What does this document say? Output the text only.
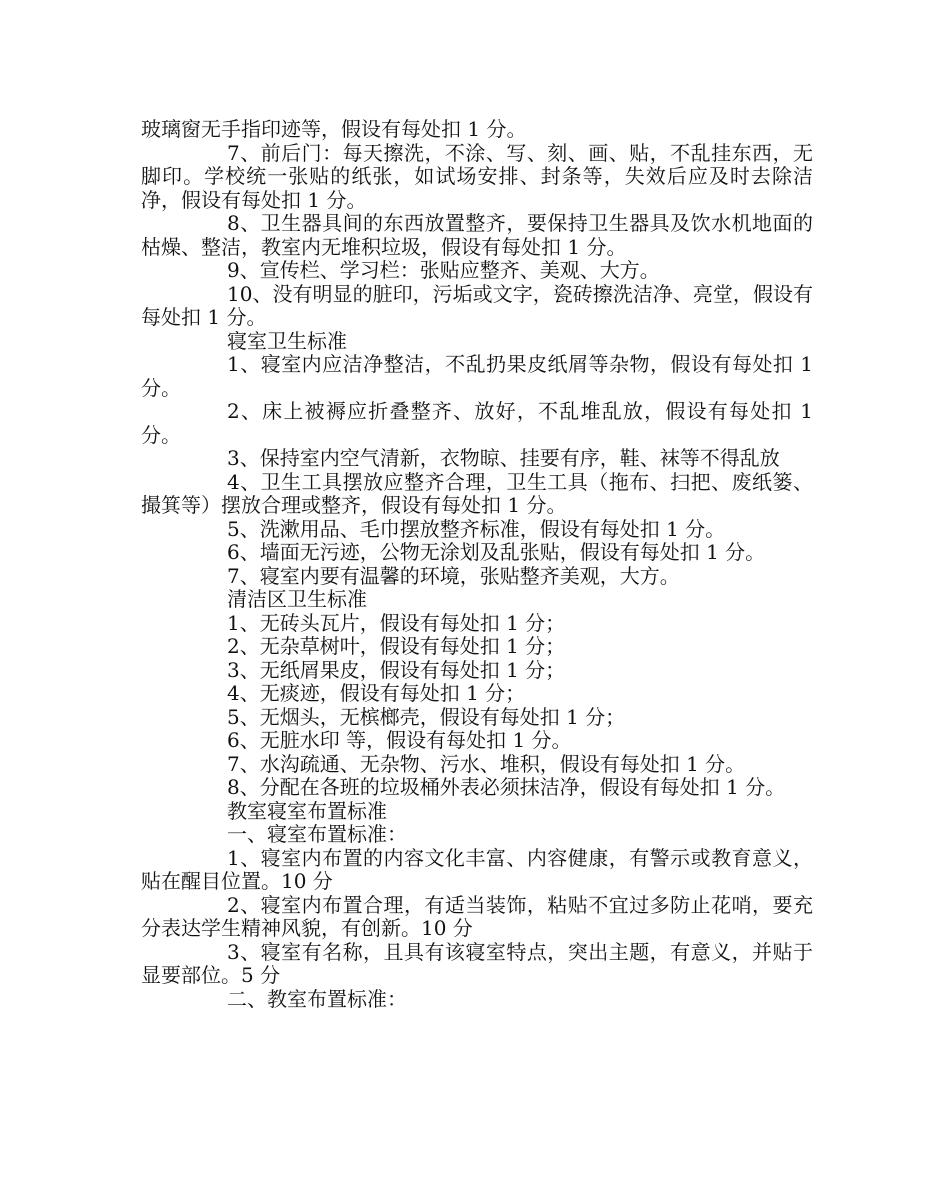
玻璃窗无手指印迹等，假设有每处扣 1 分。

7、前后门：每天擦洗，不涂、写、刻、画、贴，不乱挂东西，无脚印。学校统一张贴的纸张，如试场安排、封条等，失效后应及时去除洁净，假设有每处扣 1 分。

8、卫生器具间的东西放置整齐，要保持卫生器具及饮水机地面的枯燥、整洁，教室内无堆积垃圾，假设有每处扣 1 分。

9、宣传栏、学习栏：张贴应整齐、美观、大方。

10、没有明显的脏印，污垢或文字，瓷砖擦洗洁净、亮堂，假设有每处扣 1 分。

寝室卫生标准

1、寝室内应洁净整洁，不乱扔果皮纸屑等杂物，假设有每处扣 1 分。

2、床上被褥应折叠整齐、放好，不乱堆乱放，假设有每处扣 1 分。

3、保持室内空气清新，衣物晾、挂要有序，鞋、袜等不得乱放

4、卫生工具摆放应整齐合理，卫生工具（拖布、扫把、废纸篓、撮箕等）摆放合理或整齐，假设有每处扣 1 分。

5、洗漱用品、毛巾摆放整齐标准，假设有每处扣 1 分。

6、墙面无污迹，公物无涂划及乱张贴，假设有每处扣 1 分。

7、寝室内要有温馨的环境，张贴整齐美观，大方。

清洁区卫生标准

1、无砖头瓦片，假设有每处扣 1 分；

2、无杂草树叶，假设有每处扣 1 分；

3、无纸屑果皮，假设有每处扣 1 分；

4、无痰迹，假设有每处扣 1 分；

5、无烟头，无槟榔壳，假设有每处扣 1 分；

6、无脏水印 等，假设有每处扣 1 分。

7、水沟疏通、无杂物、污水、堆积，假设有每处扣 1 分。

8、分配在各班的垃圾桶外表必须抹洁净，假设有每处扣 1 分。

教室寝室布置标准

一、寝室布置标准：

1、寝室内布置的内容文化丰富、内容健康，有警示或教育意义，贴在醒目位置。10 分

2、寝室内布置合理，有适当装饰，粘贴不宜过多防止花哨，要充分表达学生精神风貌，有创新。10 分

3、寝室有名称，且具有该寝室特点，突出主题，有意义，并贴于显要部位。5 分

二、教室布置标准：
